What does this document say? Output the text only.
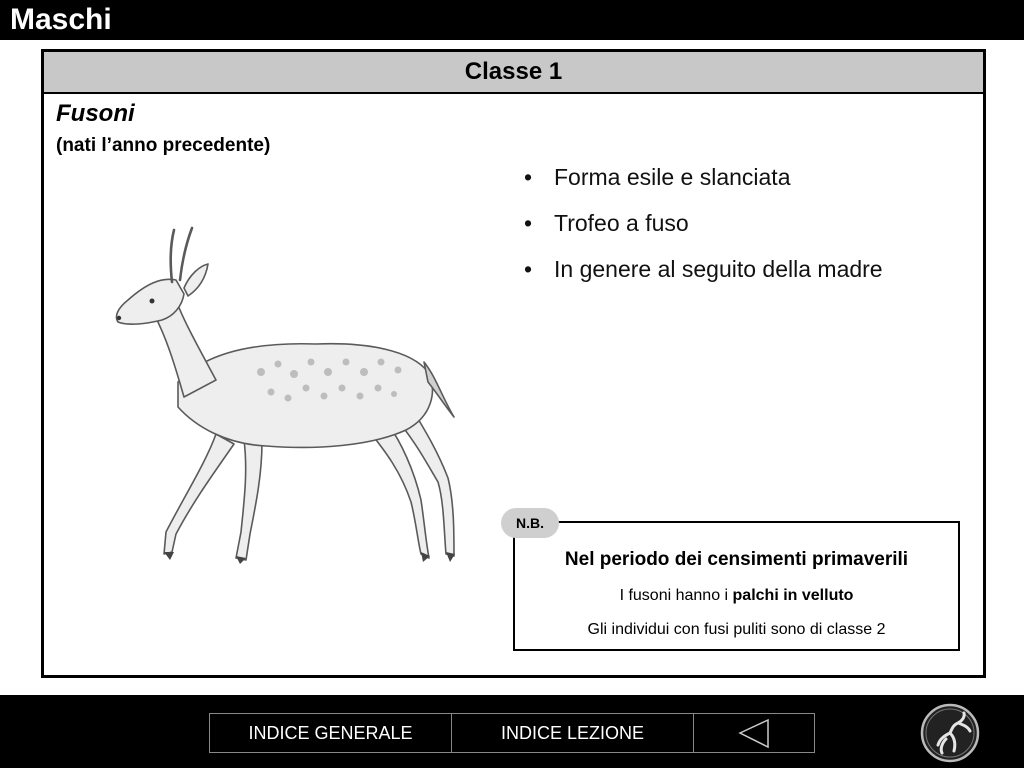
Maschi
Classe 1
Fusoni
(nati l’anno precedente)
• Forma esile e slanciata
• Trofeo a fuso
• In genere al seguito della madre
Nel periodo dei censimenti primaverili
I fusoni hanno i palchi in velluto
Gli individui con fusi puliti sono di classe 2
N.B.
INDICE GENERALE	INDICE LEZIONE
